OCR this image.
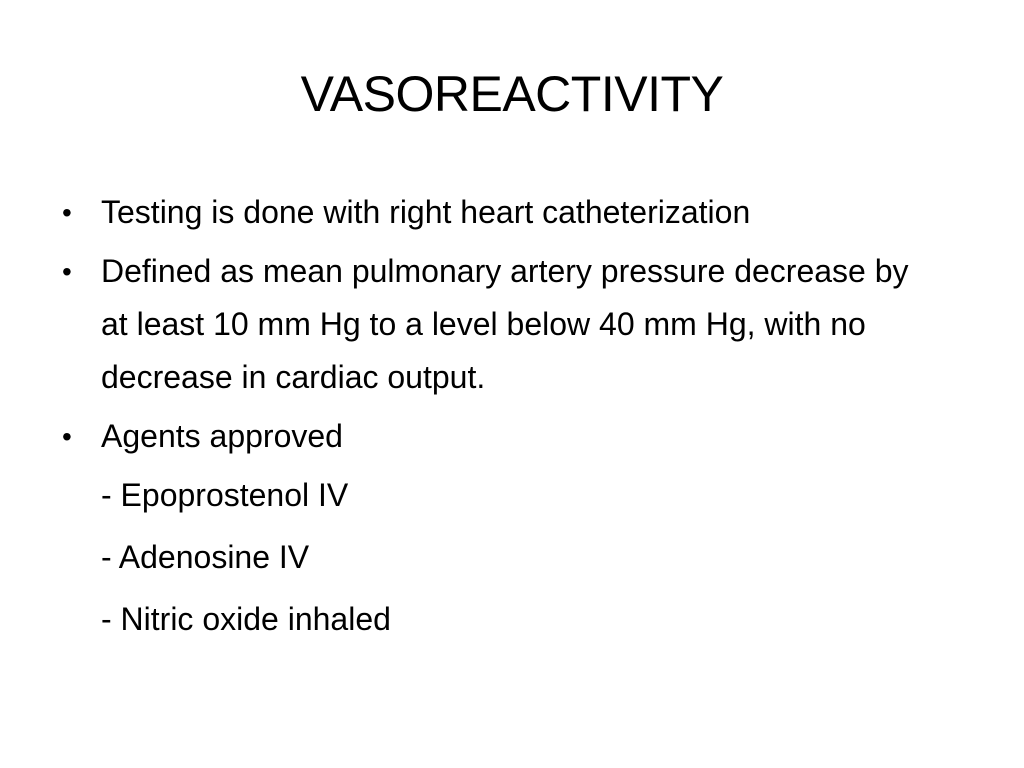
VASOREACTIVITY
• Testing is done with right heart catheterization
• Defined as mean pulmonary artery pressure decrease by at least 10 mm Hg to a level below 40 mm Hg, with no decrease in cardiac output.
• Agents approved
- Epoprostenol IV
- Adenosine IV
- Nitric oxide inhaled
